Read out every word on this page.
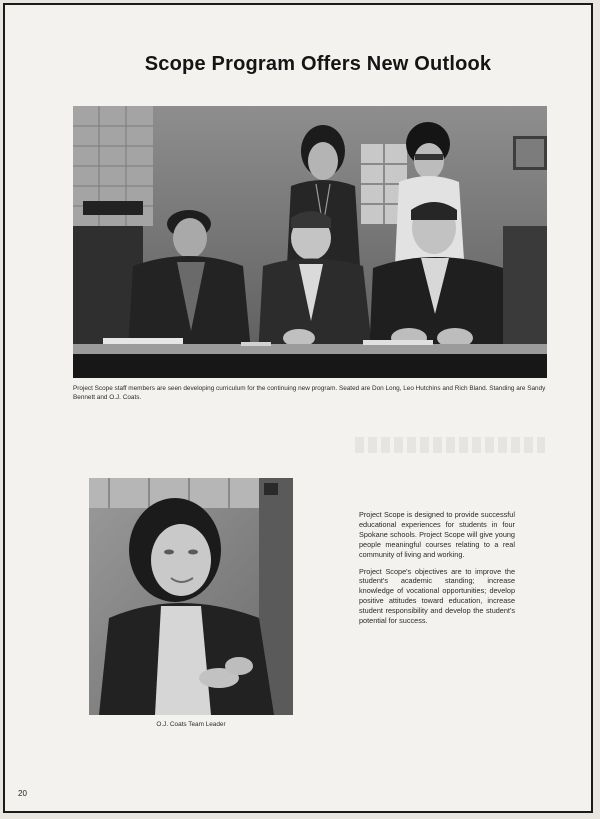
Scope Program Offers New Outlook
Project Scope staff members are seen developing curriculum for the continuing new program. Seated are Don Long, Leo Hutchins and Rich Bland. Standing are Sandy Bennett and O.J. Coats.
O.J. Coats Team Leader

Project Scope is designed to provide successful educational experiences for students in four Spokane schools. Project Scope will give young people meaningful courses relating to a real community of living and working.

Project Scope's objectives are to improve the student's academic standing; increase knowledge of vocational opportunities; develop positive attitudes toward education, increase student responsibility and develop the student's potential for success.

20
